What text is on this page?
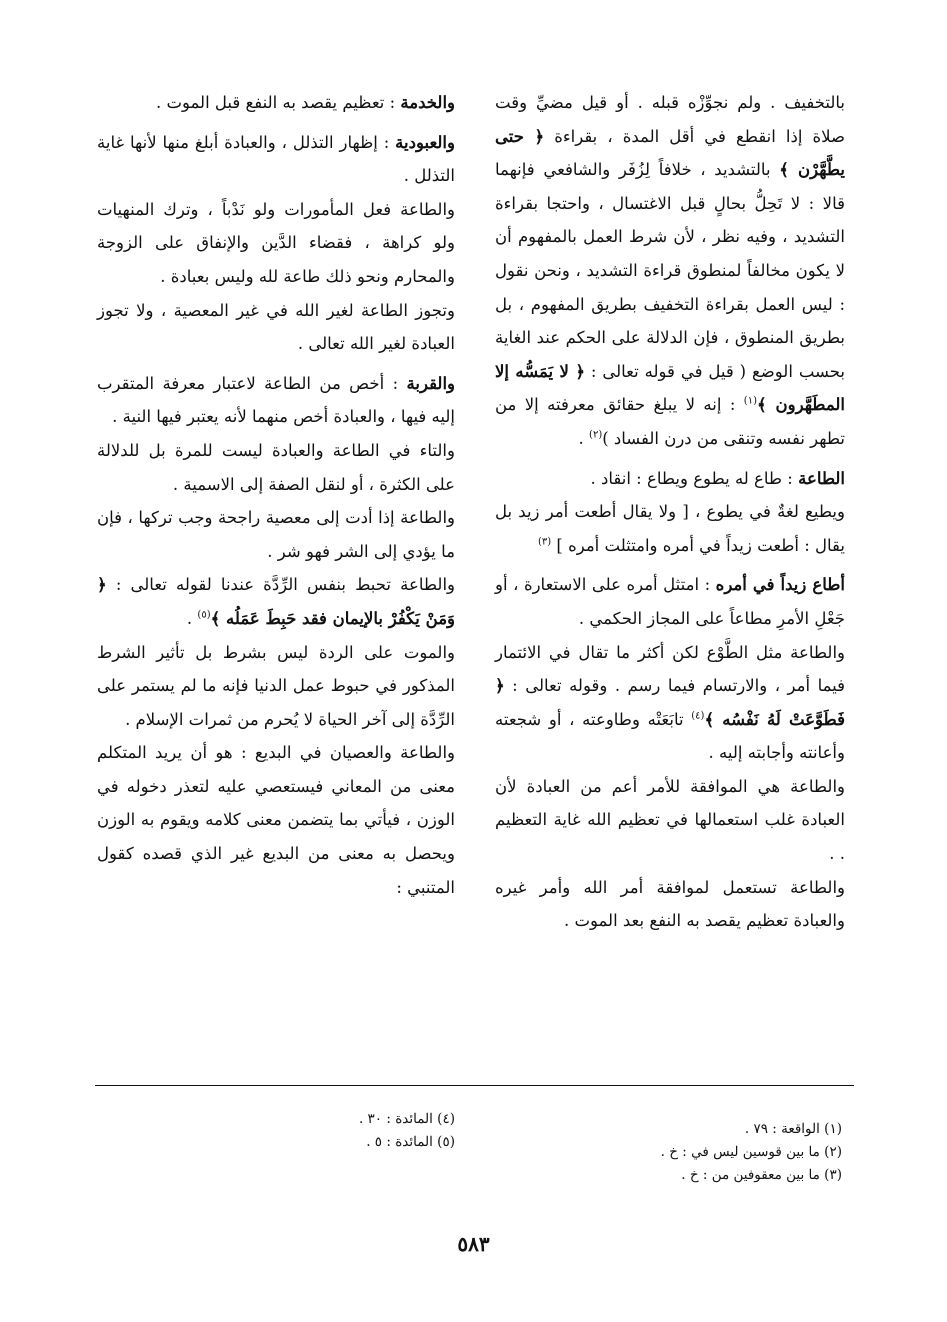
بالتخفيف . ولم نجوِّزْه قبله . أو قيل مضيِّ وقت صلاة إذا انقطع في أقل المدة ، بقراءة ﴿ حتى يطَّهَّرْن ﴾ بالتشديد ، خلافاً لِزُفَر والشافعي فإنهما قالا : لا تَحِلُّ بحالٍ قبل الاغتسال ، واحتجا بقراءة التشديد ، وفيه نظر ، لأن شرط العمل بالمفهوم أن لا يكون مخالفاً لمنطوق قراءة التشديد ، ونحن نقول : ليس العمل بقراءة التخفيف بطريق المفهوم ، بل بطريق المنطوق ، فإن الدلالة على الحكم عند الغاية بحسب الوضع ( قيل في قوله تعالى : ﴿ لا يَمَسُّه إلا المطَهَّرون ﴾$^{(١)}$ : إنه لا يبلغ حقائق معرفته إلا من تطهر نفسه وتنقى من درن الفساد )$^{(٢)}$ .

الطاعة : طاع له يطوع ويطاع : انقاد .

ويطيع لغةٌ في يطوع ، [ ولا يقال أطعت أمر زيد بل يقال : أطعت زيداً في أمره وامتثلت أمره ] $^{(٣)}$

أطاع زيداً في أمره : امتثل أمره على الاستعارة ، أو جَعْلِ الأمرِ مطاعاً على المجاز الحكمي .

والطاعة مثل الطَّوْع لكن أكثر ما تقال في الائتمار فيما أمر ، والارتسام فيما رسم . وقوله تعالى : ﴿ فَطَوَّعَتْ لَهُ نَفْسُه ﴾$^{(٤)}$ تابَعَتْه وطاوعته ، أو شجعته وأعانته وأجابته إليه .

والطاعة هي الموافقة للأمر أعم من العبادة لأن العبادة غلب استعمالها في تعظيم الله غاية التعظيم . .

والطاعة تستعمل لموافقة أمر الله وأمر غيره والعبادة تعظيم يقصد به النفع بعد الموت .

والخدمة : تعظيم يقصد به النفع قبل الموت .

والعبودية : إظهار التذلل ، والعبادة أبلغ منها لأنها غاية التذلل .

والطاعة فعل المأمورات ولو نَدْباً ، وترك المنهيات ولو كراهة ، فقضاء الدَّين والإنفاق على الزوجة والمحارم ونحو ذلك طاعة لله وليس بعبادة .

وتجوز الطاعة لغير الله في غير المعصية ، ولا تجوز العبادة لغير الله تعالى .

والقربة : أخص من الطاعة لاعتبار معرفة المتقرب إليه فيها ، والعبادة أخص منهما لأنه يعتبر فيها النية .

والتاء في الطاعة والعبادة ليست للمرة بل للدلالة على الكثرة ، أو لنقل الصفة إلى الاسمية .

والطاعة إذا أدت إلى معصية راجحة وجب تركها ، فإن ما يؤدي إلى الشر فهو شر .

والطاعة تحبط بنفس الرِّدَّة عندنا لقوله تعالى : ﴿ وَمَنْ يَكْفُرْ بالإيمان فقد حَبِطَ عَمَلُه ﴾$^{(٥)}$ .

والموت على الردة ليس بشرط بل تأثير الشرط المذكور في حبوط عمل الدنيا فإنه ما لم يستمر على الرِّدَّة إلى آخر الحياة لا يُحرم من ثمرات الإسلام .

والطاعة والعصيان في البديع : هو أن يريد المتكلم معنى من المعاني فيستعصي عليه لتعذر دخوله في الوزن ، فيأتي بما يتضمن معنى كلامه ويقوم به الوزن ويحصل به معنى من البديع غير الذي قصده كقول المتنبي :

(١) الواقعة : ٧٩ .
(٢) ما بين قوسين ليس في : خ .
(٣) ما بين معقوفين من : خ .
(٤) المائدة : ٣٠ .
(٥) المائدة : ٥ .
٥٨٣
